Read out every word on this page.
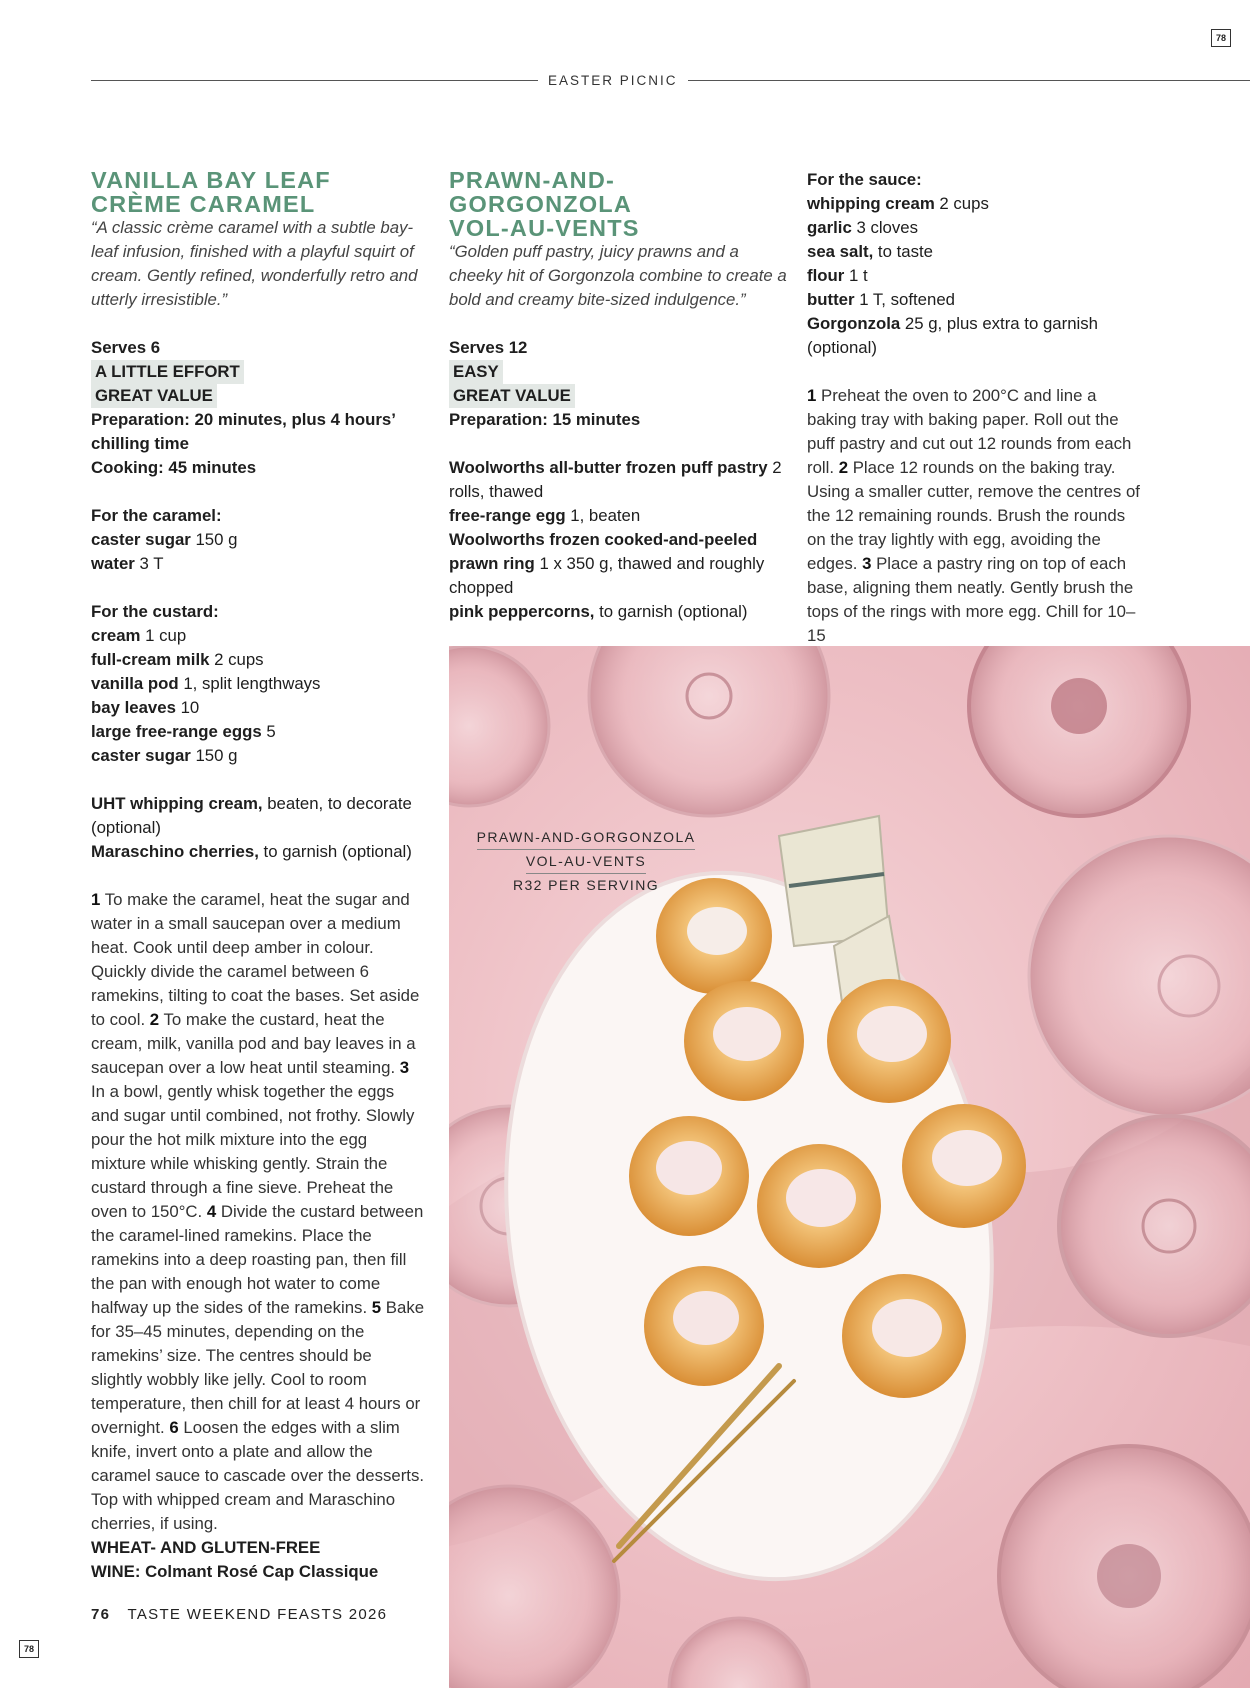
78
EASTER PICNIC
VANILLA BAY LEAF
CRÈME CARAMEL

“A classic crème caramel with a subtle bay-leaf infusion, finished with a playful squirt of cream. Gently refined, wonderfully retro and utterly irresistible.”

Serves 6

A LITTLE EFFORT
GREAT VALUE

Preparation: 20 minutes, plus 4 hours’ chilling time

Cooking: 45 minutes

For the caramel:

caster sugar 150 g

water 3 T

For the custard:

cream 1 cup

full-cream milk 2 cups

vanilla pod 1, split lengthways

bay leaves 10

large free-range eggs 5

caster sugar 150 g

UHT whipping cream, beaten, to decorate (optional)

Maraschino cherries, to garnish (optional)

1 To make the caramel, heat the sugar and water in a small saucepan over a medium heat. Cook until deep amber in colour. Quickly divide the caramel between 6 ramekins, tilting to coat the bases. Set aside to cool. 2 To make the custard, heat the cream, milk, vanilla pod and bay leaves in a saucepan over a low heat until steaming. 3 In a bowl, gently whisk together the eggs and sugar until combined, not frothy. Slowly pour the hot milk mixture into the egg mixture while whisking gently. Strain the custard through a fine sieve. Preheat the oven to 150°C. 4 Divide the custard between the caramel-lined ramekins. Place the ramekins into a deep roasting pan, then fill the pan with enough hot water to come halfway up the sides of the ramekins. 5 Bake for 35–45 minutes, depending on the ramekins’ size. The centres should be slightly wobbly like jelly. Cool to room temperature, then chill for at least 4 hours or overnight. 6 Loosen the edges with a slim knife, invert onto a plate and allow the caramel sauce to cascade over the desserts. Top with whipped cream and Maraschino cherries, if using.

WHEAT- AND GLUTEN-FREE

WINE: Colmant Rosé Cap Classique

PRAWN-AND-
GORGONZOLA
VOL-AU-VENTS

“Golden puff pastry, juicy prawns and a cheeky hit of Gorgonzola combine to create a bold and creamy bite-sized indulgence.”

Serves 12

EASY
GREAT VALUE

Preparation: 15 minutes

Woolworths all-butter frozen puff pastry 2 rolls, thawed

free-range egg 1, beaten

Woolworths frozen cooked-and-peeled prawn ring 1 x 350 g, thawed and roughly chopped

pink peppercorns, to garnish (optional)

For the sauce:

whipping cream 2 cups

garlic 3 cloves

sea salt, to taste

flour 1 t

butter 1 T, softened

Gorgonzola 25 g, plus extra to garnish (optional)

1 Preheat the oven to 200°C and line a baking tray with baking paper. Roll out the puff pastry and cut out 12 rounds from each roll. 2 Place 12 rounds on the baking tray. Using a smaller cutter, remove the centres of the 12 remaining rounds. Brush the rounds on the tray lightly with egg, avoiding the edges. 3 Place a pastry ring on top of each base, aligning them neatly. Gently brush the tops of the rings with more egg. Chill for 10–15

PRAWN-AND-GORGONZOLA
VOL-AU-VENTS
R32 PER SERVING
76 TASTE WEEKEND FEASTS 2026
78
